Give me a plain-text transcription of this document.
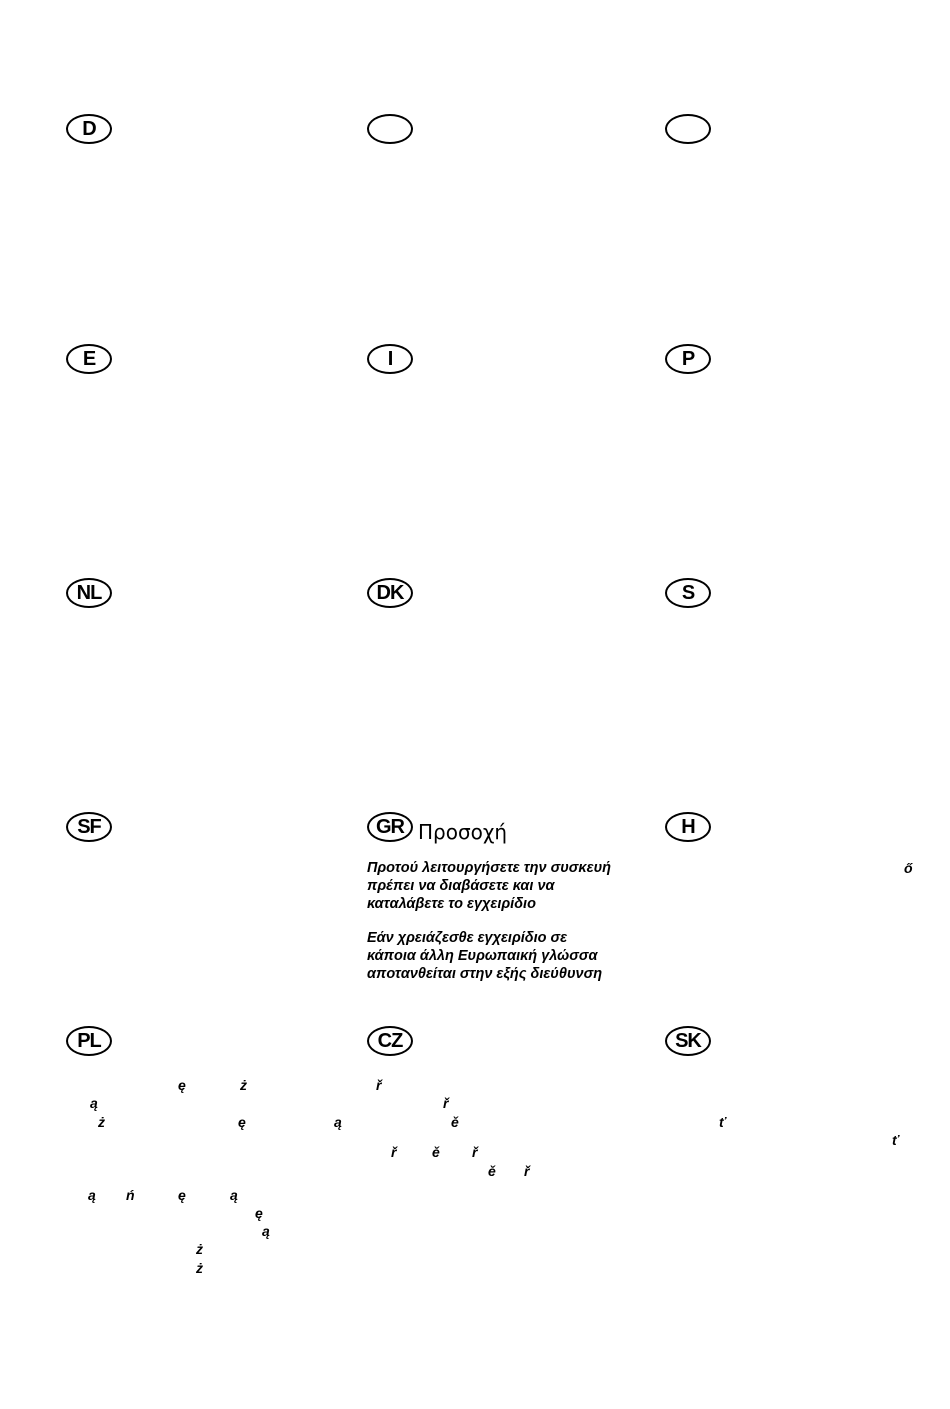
D
E	I	P
NL	DK	S
SF	GR Προσοχή	H
Προτού λειτουργήσετε την συσκευή
πρέπει να διαβάσετε και να
καταλάβετε το εγχειρίδιο
Εάν χρειάζεσθε εγχειρίδιο σε
κάποια άλλη Ευρωπαική γλώσσα
αποτανθείται στην εξής διεύθυνση
ő
PL	CZ	SK
ę	ż
ą
ż	ę	ą
ą ń	ę	ą
ę
ą
ż
ż
ř
ř
ě
ř	ě ř
ě ř
ť
ť
